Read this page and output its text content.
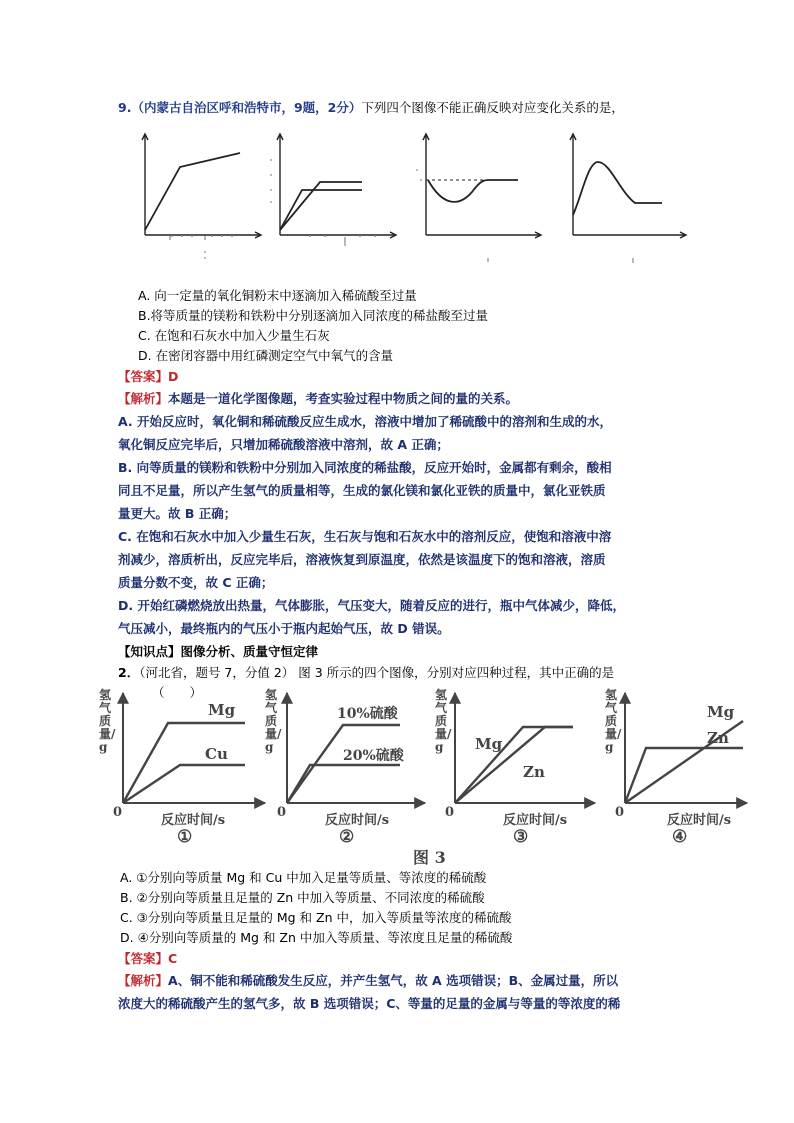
9.（内蒙古自治区呼和浩特市，9题，2分）下列四个图像不能正确反映对应变化关系的是，
A. 向一定量的氧化铜粉末中逐滴加入稀硫酸至过量
B.将等质量的镁粉和铁粉中分别逐滴加入同浓度的稀盐酸至过量
C. 在饱和石灰水中加入少量生石灰
D. 在密闭容器中用红磷测定空气中氧气的含量
【答案】D
【解析】本题是一道化学图像题，考查实验过程中物质之间的量的关系。
A. 开始反应时，氧化铜和稀硫酸反应生成水，溶液中增加了稀硫酸中的溶剂和生成的水，
氧化铜反应完毕后，只增加稀硫酸溶液中溶剂，故 A 正确；
B. 向等质量的镁粉和铁粉中分别加入同浓度的稀盐酸，反应开始时，金属都有剩余，酸相
同且不足量，所以产生氢气的质量相等，生成的氯化镁和氯化亚铁的质量中，氯化亚铁质
量更大。故 B 正确；
C. 在饱和石灰水中加入少量生石灰，生石灰与饱和石灰水中的溶剂反应，使饱和溶液中溶
剂减少，溶质析出，反应完毕后，溶液恢复到原温度，依然是该温度下的饱和溶液，溶质
质量分数不变，故 C 正确；
D. 开始红磷燃烧放出热量，气体膨胀，气压变大，随着反应的进行，瓶中气体减少，降低，
气压减小，最终瓶内的气压小于瓶内起始气压，故 D 错误。
【知识点】图像分析、质量守恒定律
2．（河北省，题号 7，分值 2） 图 3 所示的四个图像，分别对应四种过程，其中正确的是
（　　）
氢气质量/g
氢气质量/g
氢气质量/g
氢气质量/g
0	0	0	0
反应时间/s	反应时间/s	反应时间/s	反应时间/s
①	②	③	④
Mg
Cu
10%硫酸
20%硫酸
Mg
Zn
Mg
Zn
图 3
A. ①分别向等质量 Mg 和 Cu 中加入足量等质量、等浓度的稀硫酸
B. ②分别向等质量且足量的 Zn 中加入等质量、不同浓度的稀硫酸
C. ③分别向等质量且足量的 Mg 和 Zn 中，加入等质量等浓度的稀硫酸
D. ④分别向等质量的 Mg 和 Zn 中加入等质量、等浓度且足量的稀硫酸
【答案】C
【解析】A、铜不能和稀硫酸发生反应，并产生氢气，故 A 选项错误；B、金属过量，所以
浓度大的稀硫酸产生的氢气多，故 B 选项错误；C、等量的足量的金属与等量的等浓度的稀
